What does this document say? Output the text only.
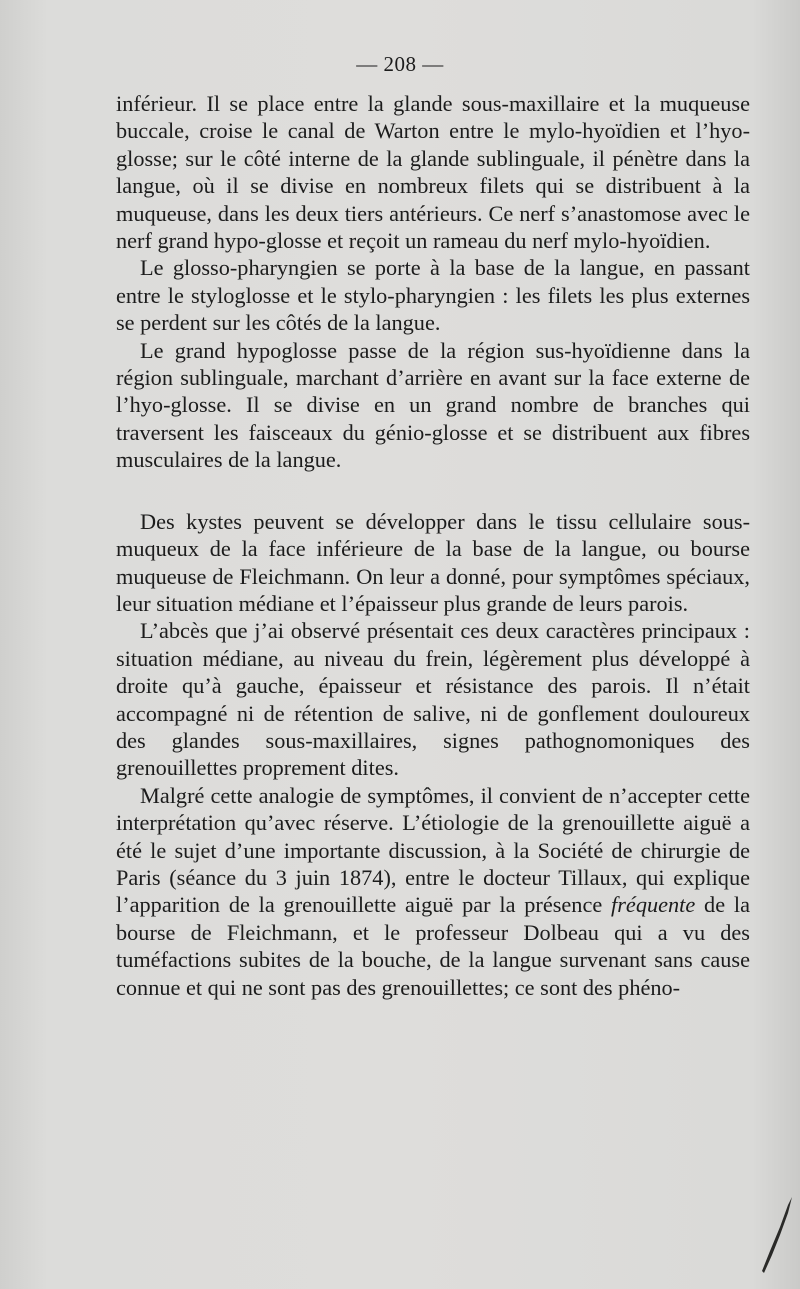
— 208 —

inférieur. Il se place entre la glande sous-maxillaire et la muqueuse buccale, croise le canal de Warton entre le mylo-hyoïdien et l’hyo-glosse; sur le côté interne de la glande sublinguale, il pénètre dans la langue, où il se divise en nombreux filets qui se distribuent à la muqueuse, dans les deux tiers antérieurs. Ce nerf s’anastomose avec le nerf grand hypo-glosse et reçoit un rameau du nerf mylo-hyoïdien.

Le glosso-pharyngien se porte à la base de la langue, en passant entre le styloglosse et le stylo-pharyngien : les filets les plus externes se perdent sur les côtés de la langue.

Le grand hypoglosse passe de la région sus-hyoïdienne dans la région sublinguale, marchant d’arrière en avant sur la face externe de l’hyo-glosse. Il se divise en un grand nombre de branches qui traversent les faisceaux du génio-glosse et se distribuent aux fibres musculaires de la langue.

Des kystes peuvent se développer dans le tissu cellulaire sous-muqueux de la face inférieure de la base de la langue, ou bourse muqueuse de Fleichmann. On leur a donné, pour symptômes spéciaux, leur situation médiane et l’épaisseur plus grande de leurs parois.

L’abcès que j’ai observé présentait ces deux caractères principaux : situation médiane, au niveau du frein, légèrement plus développé à droite qu’à gauche, épaisseur et résistance des parois. Il n’était accompagné ni de rétention de salive, ni de gonflement douloureux des glandes sous-maxillaires, signes pathognomoniques des grenouillettes proprement dites.

Malgré cette analogie de symptômes, il convient de n’accepter cette interprétation qu’avec réserve. L’étiologie de la grenouillette aiguë a été le sujet d’une importante discussion, à la Société de chirurgie de Paris (séance du 3 juin 1874), entre le docteur Tillaux, qui explique l’apparition de la grenouillette aiguë par la présence fréquente de la bourse de Fleichmann, et le professeur Dolbeau qui a vu des tuméfactions subites de la bouche, de la langue survenant sans cause connue et qui ne sont pas des grenouillettes; ce sont des phéno-
